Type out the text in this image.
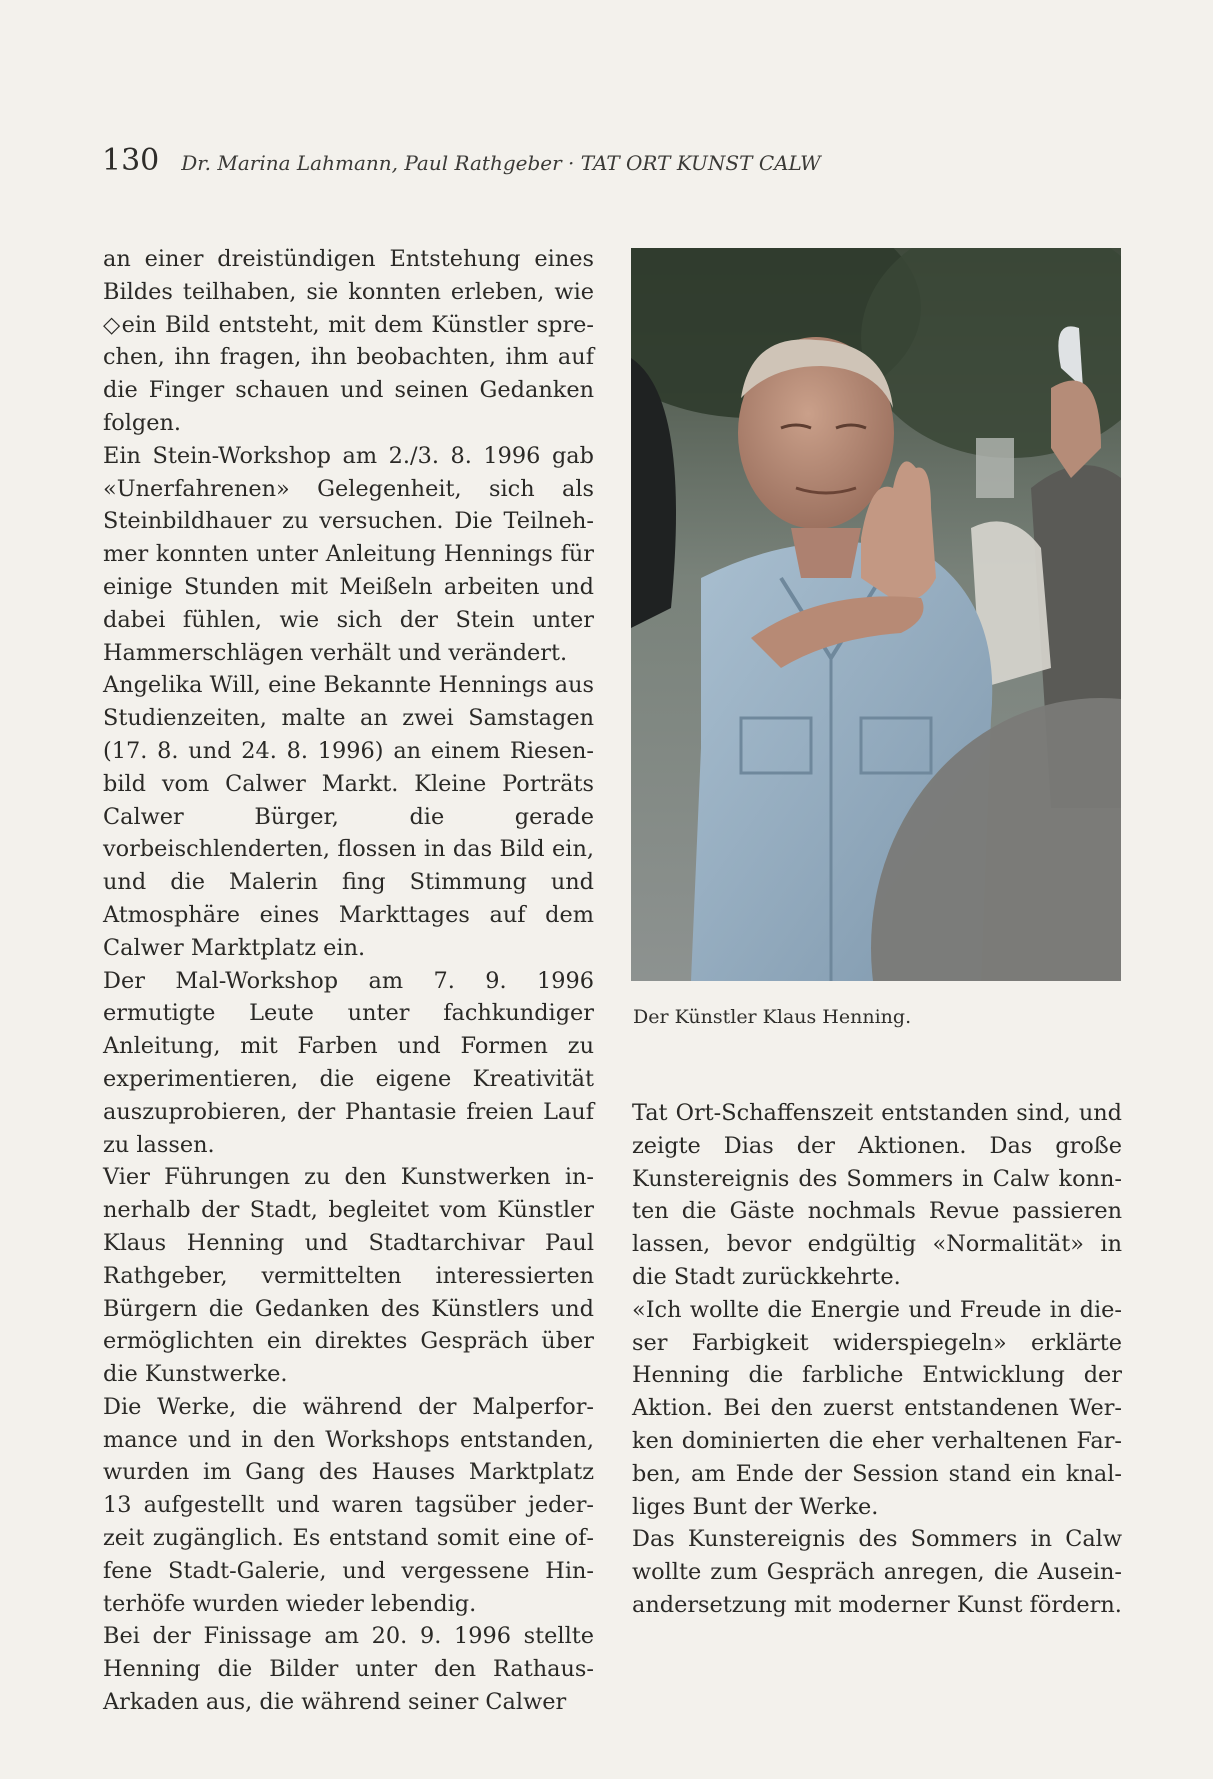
130 Dr. Marina Lahmann, Paul Rathgeber · TAT ORT KUNST CALW

an einer dreistündigen Entstehung eines Bildes teilhaben, sie konnten erleben, wie ◇ein Bild entsteht, mit dem Künstler sprechen, ihn fragen, ihn beobachten, ihm auf die Finger schauen und seinen Gedanken folgen.

Ein Stein-Workshop am 2./3. 8. 1996 gab «Unerfahrenen» Gelegenheit, sich als Steinbildhauer zu versuchen. Die Teilnehmer konnten unter Anleitung Hennings für einige Stunden mit Meißeln arbeiten und dabei fühlen, wie sich der Stein unter Hammerschlägen verhält und verändert.

Angelika Will, eine Bekannte Hennings aus Studienzeiten, malte an zwei Samstagen (17. 8. und 24. 8. 1996) an einem Riesenbild vom Calwer Markt. Kleine Porträts Calwer Bürger, die gerade vorbeischlenderten, flossen in das Bild ein, und die Malerin fing Stimmung und Atmosphäre eines Markttages auf dem Calwer Marktplatz ein.

Der Mal-Workshop am 7. 9. 1996 ermutigte Leute unter fachkundiger Anleitung, mit Farben und Formen zu experimentieren, die eigene Kreativität auszuprobieren, der Phantasie freien Lauf zu lassen.

Vier Führungen zu den Kunstwerken innerhalb der Stadt, begleitet vom Künstler Klaus Henning und Stadtarchivar Paul Rathgeber, vermittelten interessierten Bürgern die Gedanken des Künstlers und ermöglichten ein direktes Gespräch über die Kunstwerke.

Die Werke, die während der Malperformance und in den Workshops entstanden, wurden im Gang des Hauses Marktplatz 13 aufgestellt und waren tagsüber jederzeit zugänglich. Es entstand somit eine offene Stadt-Galerie, und vergessene Hinterhöfe wurden wieder lebendig.

Bei der Finissage am 20. 9. 1996 stellte Henning die Bilder unter den Rathaus-Arkaden aus, die während seiner Calwer

Der Künstler Klaus Henning.

Tat Ort-Schaffenszeit entstanden sind, und zeigte Dias der Aktionen. Das große Kunstereignis des Sommers in Calw konnten die Gäste nochmals Revue passieren lassen, bevor endgültig «Normalität» in die Stadt zurückkehrte.

«Ich wollte die Energie und Freude in dieser Farbigkeit widerspiegeln» erklärte Henning die farbliche Entwicklung der Aktion. Bei den zuerst entstandenen Werken dominierten die eher verhaltenen Farben, am Ende der Session stand ein knalliges Bunt der Werke.

Das Kunstereignis des Sommers in Calw wollte zum Gespräch anregen, die Auseinandersetzung mit moderner Kunst fördern.
